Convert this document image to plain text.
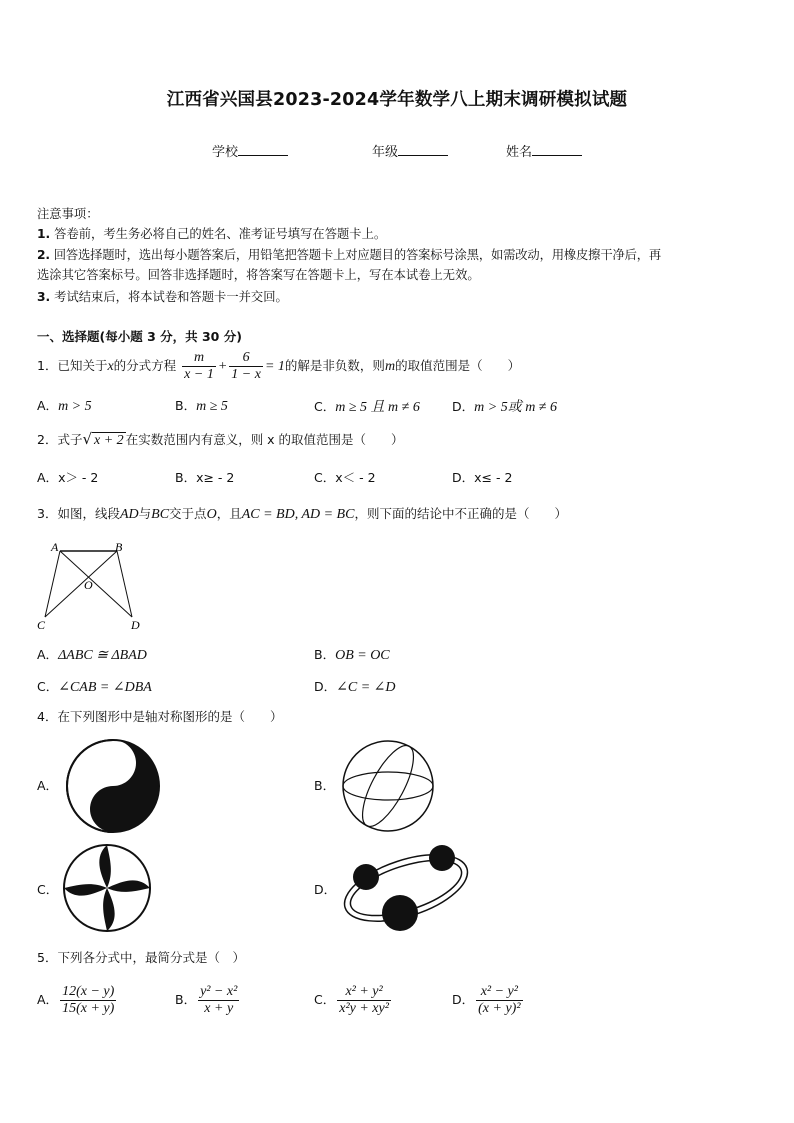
江西省兴国县2023-2024学年数学八上期末调研模拟试题
学校	年级	姓名
注意事项：
1. 答卷前，考生务必将自己的姓名、准考证号填写在答题卡上。
2. 回答选择题时，选出每小题答案后，用铅笔把答题卡上对应题目的答案标号涂黑，如需改动，用橡皮擦干净后，再
选涂其它答案标号。回答非选择题时，将答案写在答题卡上，写在本试卷上无效。
3. 考试结束后，将本试卷和答题卡一并交回。
一、选择题(每小题 3 分，共 30 分)
1．已知关于x的分式方程 $\frac{m}{x - 1} + \frac{6}{1 - x} = 1$的解是非负数，则m的取值范围是（　　）
A．m > 5	B．m ≥ 5	C．m ≥ 5 且 m ≠ 6	D．m > 5或 m ≠ 6
2．式子√ x + 2 在实数范围内有意义，则 x 的取值范围是（　　）
A．x＞ - 2	B．x≥ - 2	C．x＜ - 2	D．x≤ - 2
3．如图，线段AD与BC交于点O，且AC = BD, AD = BC，则下面的结论中不正确的是（　　）
A	B
O
C	D
A．ΔABC ≅ ΔBAD	B．OB = OC
C．∠CAB = ∠DBA	D．∠C = ∠D
4．在下列图形中是轴对称图形的是（　　）
A．	B．
C．	D．
5．下列各分式中，最简分式是（　）
A． $\frac{12(x - y)}{15(x + y)}$	B． $\frac{\text{y² − x²}}{x + y}$	C． $\frac{\text{x² + y²}}{\text{x²y + xy²}}$	D． $\frac{\text{x² − y²}}{\text{(x + y)²}}$
